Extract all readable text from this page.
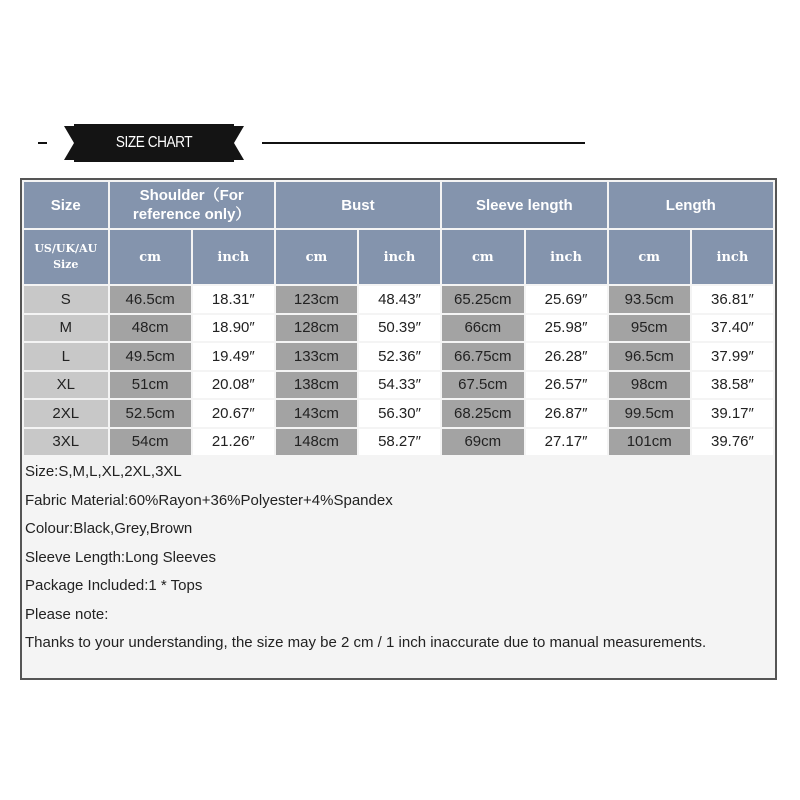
SIZE CHART
Size	Shoulder（For reference only）		Bust		Sleeve length		Length	
US/UK/AU Size	cm	inch	cm	inch	cm	inch	cm	inch
S	46.5cm	18.31″	123cm	48.43″	65.25cm	25.69″	93.5cm	36.81″
M	48cm	18.90″	128cm	50.39″	66cm	25.98″	95cm	37.40″
L	49.5cm	19.49″	133cm	52.36″	66.75cm	26.28″	96.5cm	37.99″
XL	51cm	20.08″	138cm	54.33″	67.5cm	26.57″	98cm	38.58″
2XL	52.5cm	20.67″	143cm	56.30″	68.25cm	26.87″	99.5cm	39.17″
3XL	54cm	21.26″	148cm	58.27″	69cm	27.17″	101cm	39.76″
Size:S,M,L,XL,2XL,3XL
Fabric Material:60%Rayon+36%Polyester+4%Spandex
Colour:Black,Grey,Brown
Sleeve Length:Long Sleeves
Package Included:1 * Tops
Please note:
Thanks to your understanding, the size may be 2 cm / 1 inch inaccurate due to manual measurements.
